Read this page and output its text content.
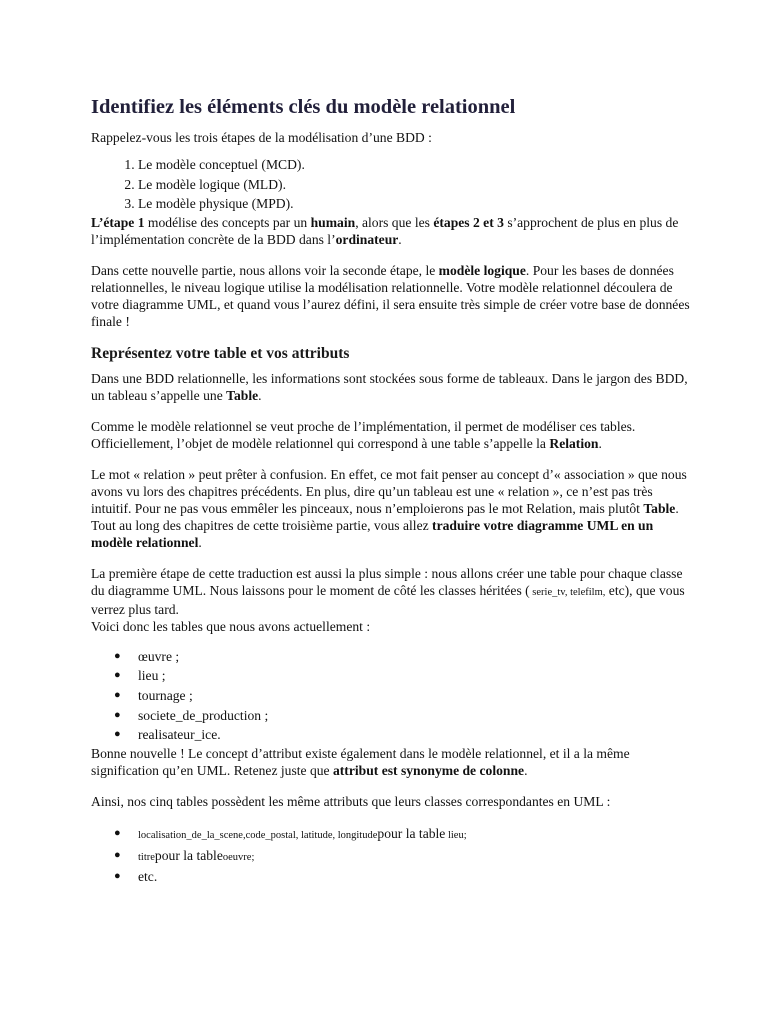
Identifiez les éléments clés du modèle relationnel

Rappelez-vous les trois étapes de la modélisation d’une BDD :

1. Le modèle conceptuel (MCD).
2. Le modèle logique (MLD).
3. Le modèle physique (MPD).

L’étape 1 modélise des concepts par un humain, alors que les étapes 2 et 3 s’approchent de plus en plus de l’implémentation concrète de la BDD dans l’ordinateur.

Dans cette nouvelle partie, nous allons voir la seconde étape, le modèle logique. Pour les bases de données relationnelles, le niveau logique utilise la modélisation relationnelle. Votre modèle relationnel découlera de votre diagramme UML, et quand vous l’aurez défini, il sera ensuite très simple de créer votre base de données finale !

Représentez votre table et vos attributs

Dans une BDD relationnelle, les informations sont stockées sous forme de tableaux. Dans le jargon des BDD, un tableau s’appelle une Table.

Comme le modèle relationnel se veut proche de l’implémentation, il permet de modéliser ces tables. Officiellement, l’objet de modèle relationnel qui correspond à une table s’appelle la Relation.

Le mot « relation » peut prêter à confusion. En effet, ce mot fait penser au concept d’« association » que nous avons vu lors des chapitres précédents. En plus, dire qu’un tableau est une « relation », ce n’est pas très intuitif. Pour ne pas vous emmêler les pinceaux, nous n’emploierons pas le mot Relation, mais plutôt Table.
Tout au long des chapitres de cette troisième partie, vous allez traduire votre diagramme UML en un modèle relationnel.

La première étape de cette traduction est aussi la plus simple : nous allons créer une table pour chaque classe du diagramme UML. Nous laissons pour le moment de côté les classes héritées ( serie_tv, telefilm, etc), que vous verrez plus tard.
Voici donc les tables que nous avons actuellement :

● œuvre ;
● lieu ;
● tournage ;
● societe_de_production ;
● realisateur_ice.

Bonne nouvelle ! Le concept d’attribut existe également dans le modèle relationnel, et il a la même signification qu’en UML. Retenez juste que attribut est synonyme de colonne.

Ainsi, nos cinq tables possèdent les même attributs que leurs classes correspondantes en UML :

● localisation_de_la_scene,code_postal, latitude, longitudepour la table lieu;
● titrepour la tableoeuvre;
● etc.
